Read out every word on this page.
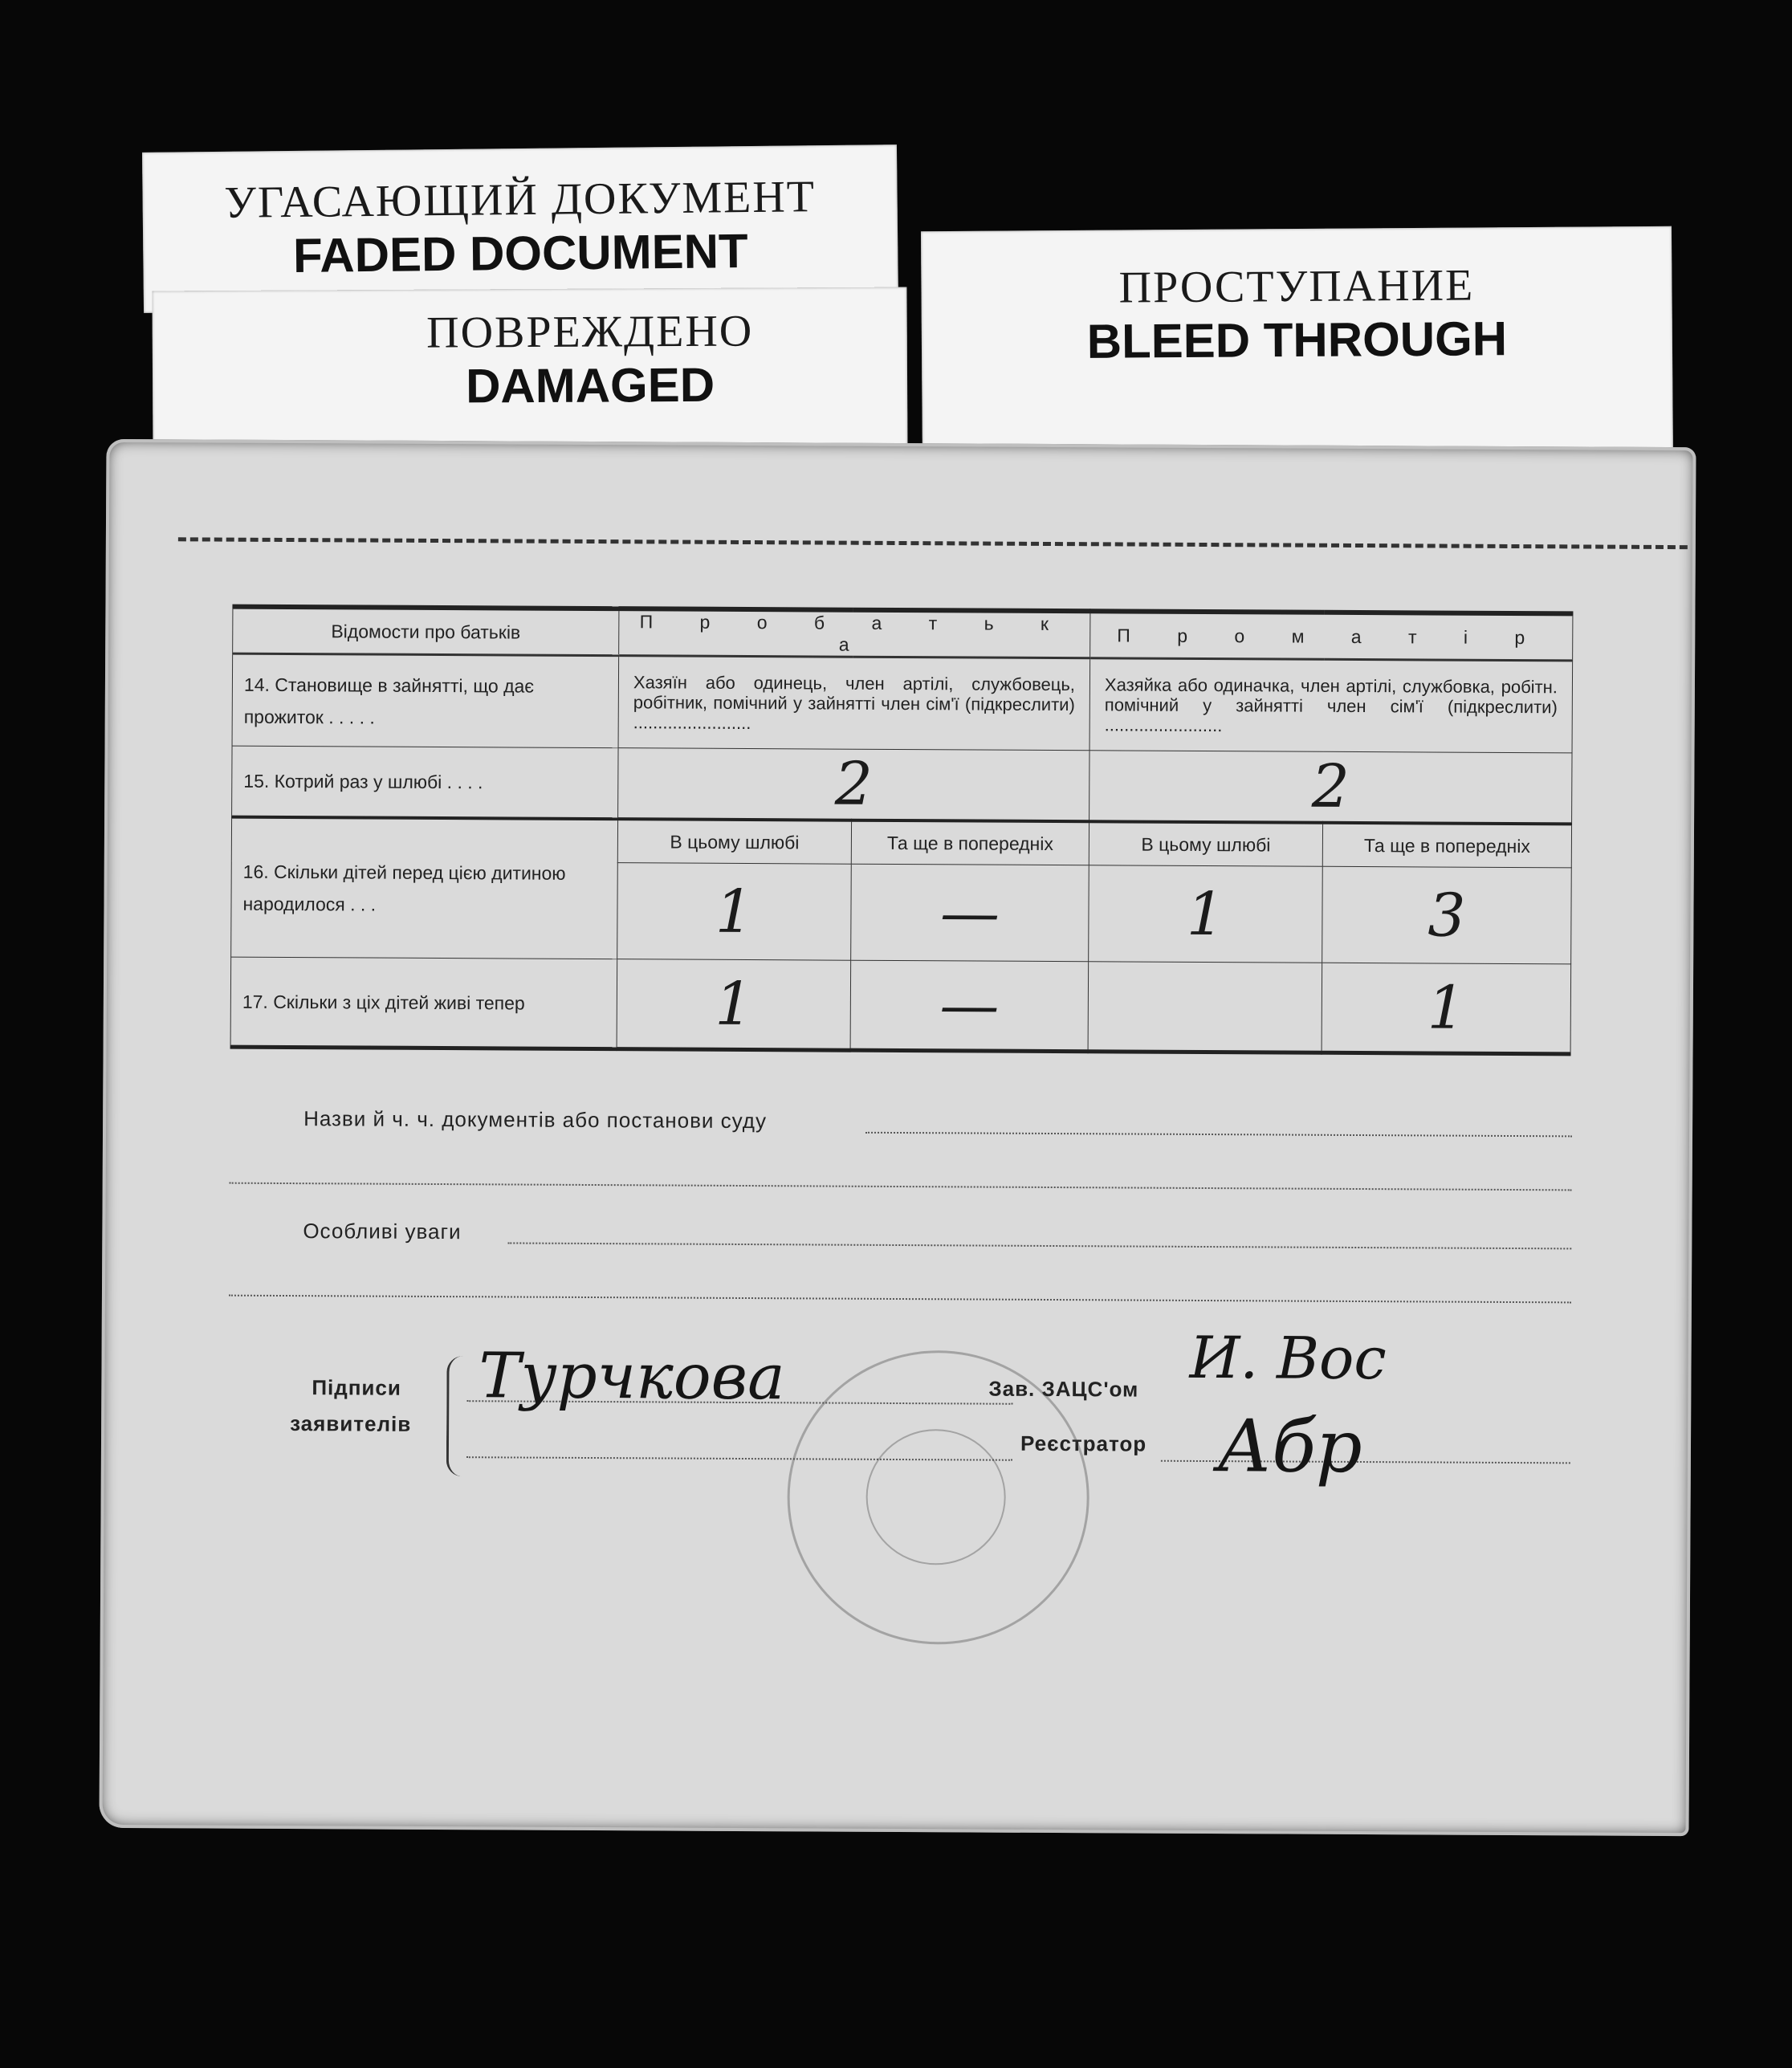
УГАСАЮЩИЙ ДОКУМЕНТ
FADED DOCUMENT
ПОВРЕЖДЕНО
DAMAGED
ПРОСТУПАНИЕ
BLEED THROUGH
Відомости про батьків	П р о б а т ь к а		П р о м а т і р	
14. Становище в зайнятті, що дає прожиток . . . . .	Хазяїн або одинець, член артілі, службовець, робітник, помічний у зайнятті член сім'ї (підкреслити) ........................		Хазяйка або одиначка, член артілі, службовка, робітн. помічний у зайнятті член сім'ї (підкреслити) ........................	
15. Котрий раз у шлюбі . . . .	2		2	
16. Скільки дітей перед цією дитиною народилося . . .	В цьому шлюбі	Та ще в попередніх	В цьому шлюбі	Та ще в попередніх
	1	—	1	3
17. Скільки з ціх дітей живі тепер	1	—		1
Назви й ч. ч. документів або постанови суду
Особливі уваги
Підписи
заявителів
Зав. ЗАЦС'ом
Реєстратор
Турчкова	И. Вос
Абр
